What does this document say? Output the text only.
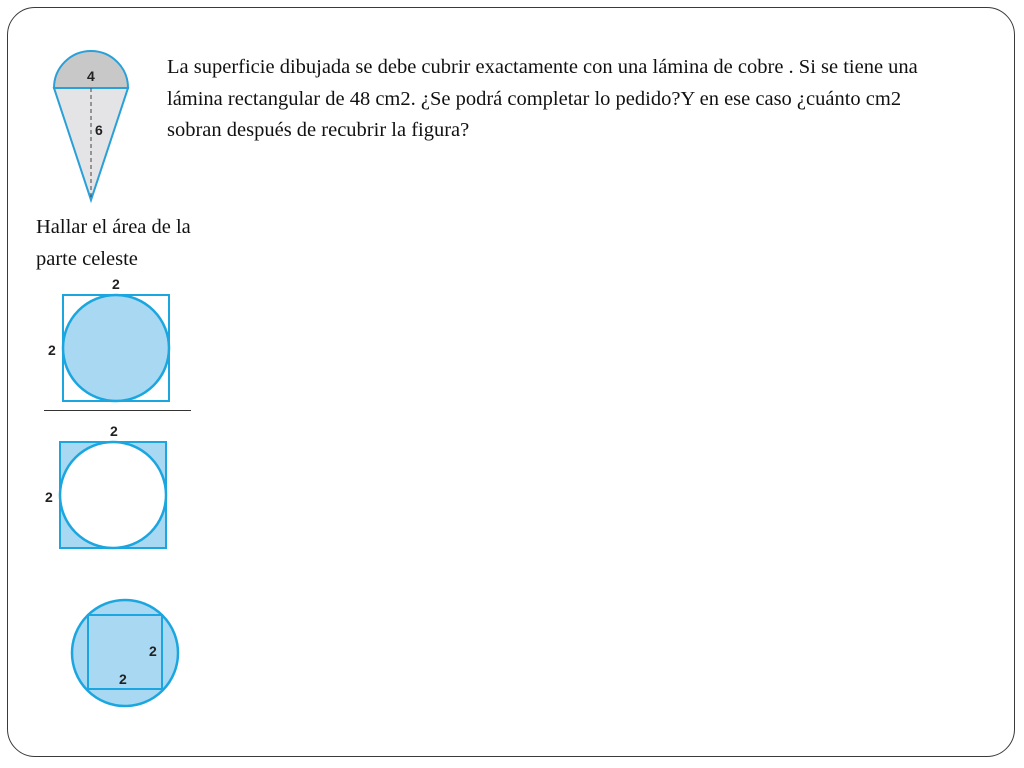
4
6
La superficie dibujada se debe cubrir exactamente con una lámina de cobre . Si se tiene una lámina rectangular de 48 cm2. ¿Se podrá completar lo pedido?Y en ese caso ¿cuánto cm2 sobran después de recubrir la figura?
Hallar el área de la parte celeste
2
2
2
2
2
2
